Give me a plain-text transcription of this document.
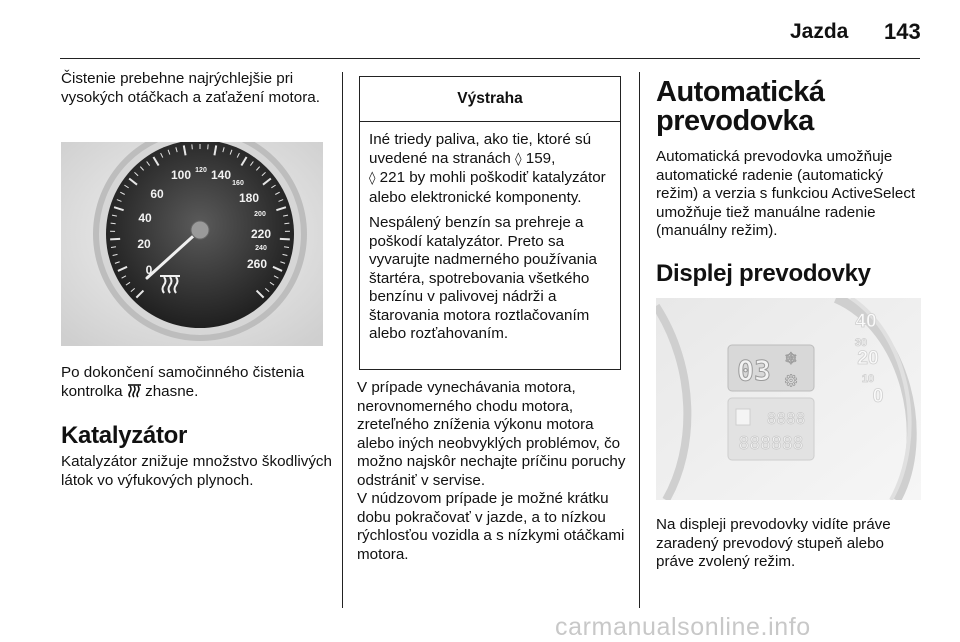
Jazda 143

Čistenie prebehne najrýchlejšie pri vysokých otáčkach a zaťažení motora.

0
20
40
60
100 120 140
160
180
200
220
240
260

Po dokončení samočinného čistenia kontrolka zhasne.

Katalyzátor

Katalyzátor znižuje množstvo škodlivých látok vo výfukových plynoch.

Výstraha

Iné triedy paliva, ako tie, ktoré sú uvedené na stranách ◊ 159,
◊ 221 by mohli poškodiť katalyzátor alebo elektronické komponenty.

Nespálený benzín sa prehreje a poškodí katalyzátor. Preto sa vyvarujte nadmerného používania štartéra, spotrebovania všetkého benzínu v palivovej nádrži a štarovania motora roztlačovaním alebo rozťahovaním.

V prípade vynechávania motora, nerovnomerného chodu motora, zreteľného zníženia výkonu motora alebo iných neobvyklých problémov, čo možno najskôr nechajte príčinu poruchy odstrániť v servise.

V núdzovom prípade je možné krátku dobu pokračovať v jazde, a to nízkou rýchlosťou vozidla a s nízkymi otáčkami motora.

Automatická prevodovka

Automatická prevodovka umožňuje automatické radenie (automatický režim) a verzia s funkciou ActiveSelect umožňuje tiež manuálne radenie (manuálny režim).

Displej prevodovky
40
30
20
10
0
03 ❄
⚙
8888
888888

Na displeji prevodovky vidíte práve zaradený prevodový stupeň alebo práve zvolený režim.

carmanualsonline.info
